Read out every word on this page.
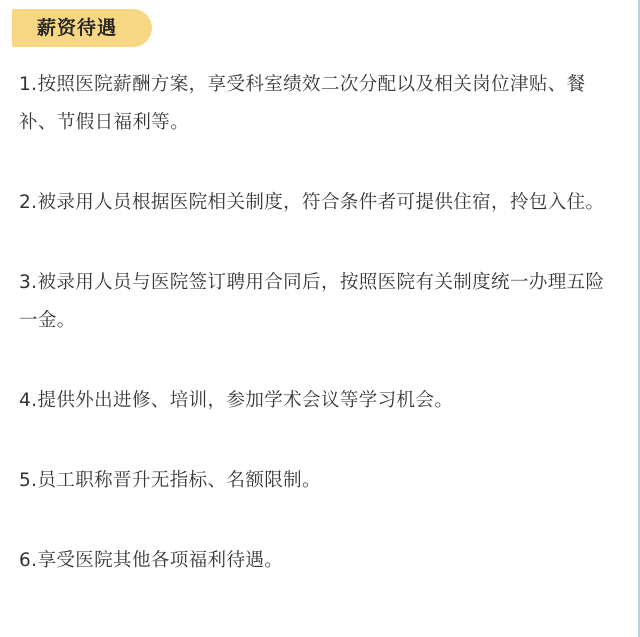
薪资待遇

1.按照医院薪酬方案，享受科室绩效二次分配以及相关岗位津贴、餐补、节假日福利等。

2.被录用人员根据医院相关制度，符合条件者可提供住宿，拎包入住。

3.被录用人员与医院签订聘用合同后，按照医院有关制度统一办理五险一金。

4.提供外出进修、培训，参加学术会议等学习机会。

5.员工职称晋升无指标、名额限制。

6.享受医院其他各项福利待遇。
